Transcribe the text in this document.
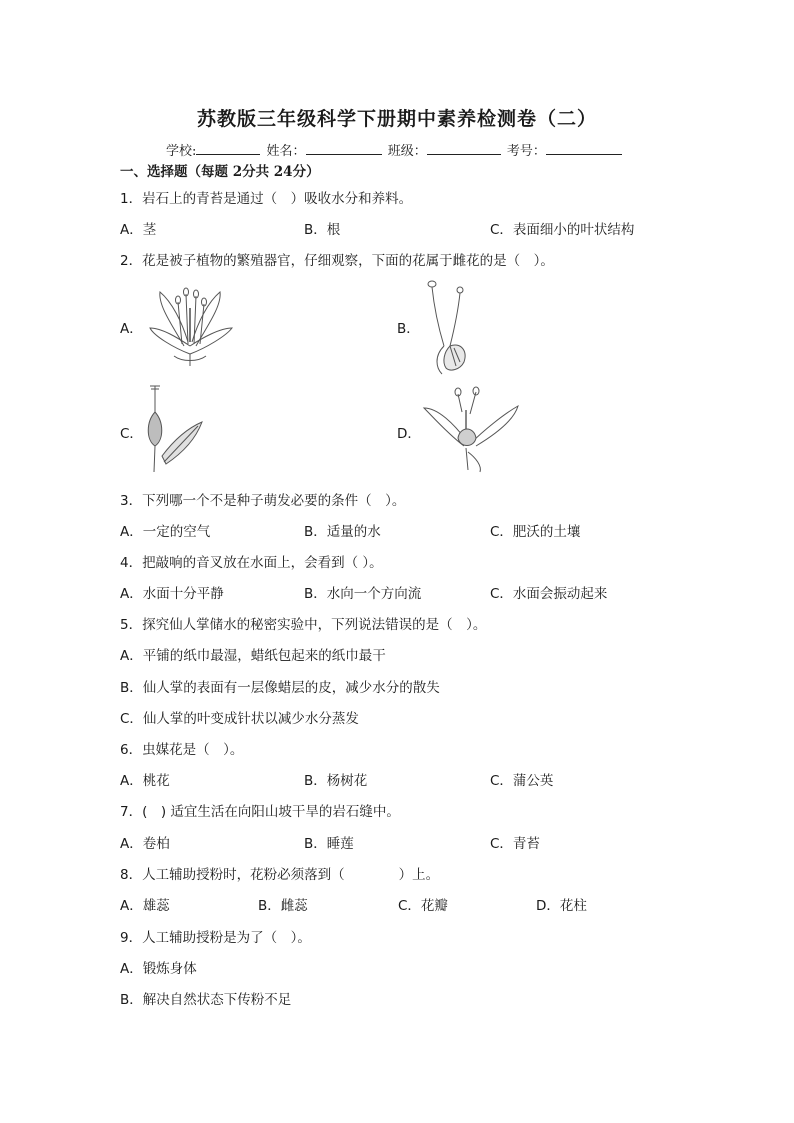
苏教版三年级科学下册期中素养检测卷（二）
学校:	姓名：	班级：	考号：
一、选择题（每题 2分共 24分）
1．岩石上的青苔是通过（　）吸收水分和养料。
A．茎	B．根	C．表面细小的叶状结构
2．花是被子植物的繁殖器官，仔细观察，下面的花属于雌花的是（　）。
A．	B．
C．	D．
3．下列哪一个不是种子萌发必要的条件（　）。
A．一定的空气	B．适量的水	C．肥沃的土壤
4．把敲响的音叉放在水面上，会看到（ ）。
A．水面十分平静	B．水向一个方向流	C．水面会振动起来
5．探究仙人掌储水的秘密实验中，下列说法错误的是（　）。
A．平铺的纸巾最湿，蜡纸包起来的纸巾最干
B．仙人掌的表面有一层像蜡层的皮，减少水分的散失
C．仙人掌的叶变成针状以减少水分蒸发
6．虫媒花是（　）。
A．桃花	B．杨树花	C．蒲公英
7．(　) 适宜生活在向阳山坡干旱的岩石缝中。
A．卷柏	B．睡莲	C．青苔
8．人工辅助授粉时，花粉必须落到（　　　　）上。
A．雄蕊	B．雌蕊	C．花瓣	D．花柱
9．人工辅助授粉是为了（　）。
A．锻炼身体
B．解决自然状态下传粉不足
